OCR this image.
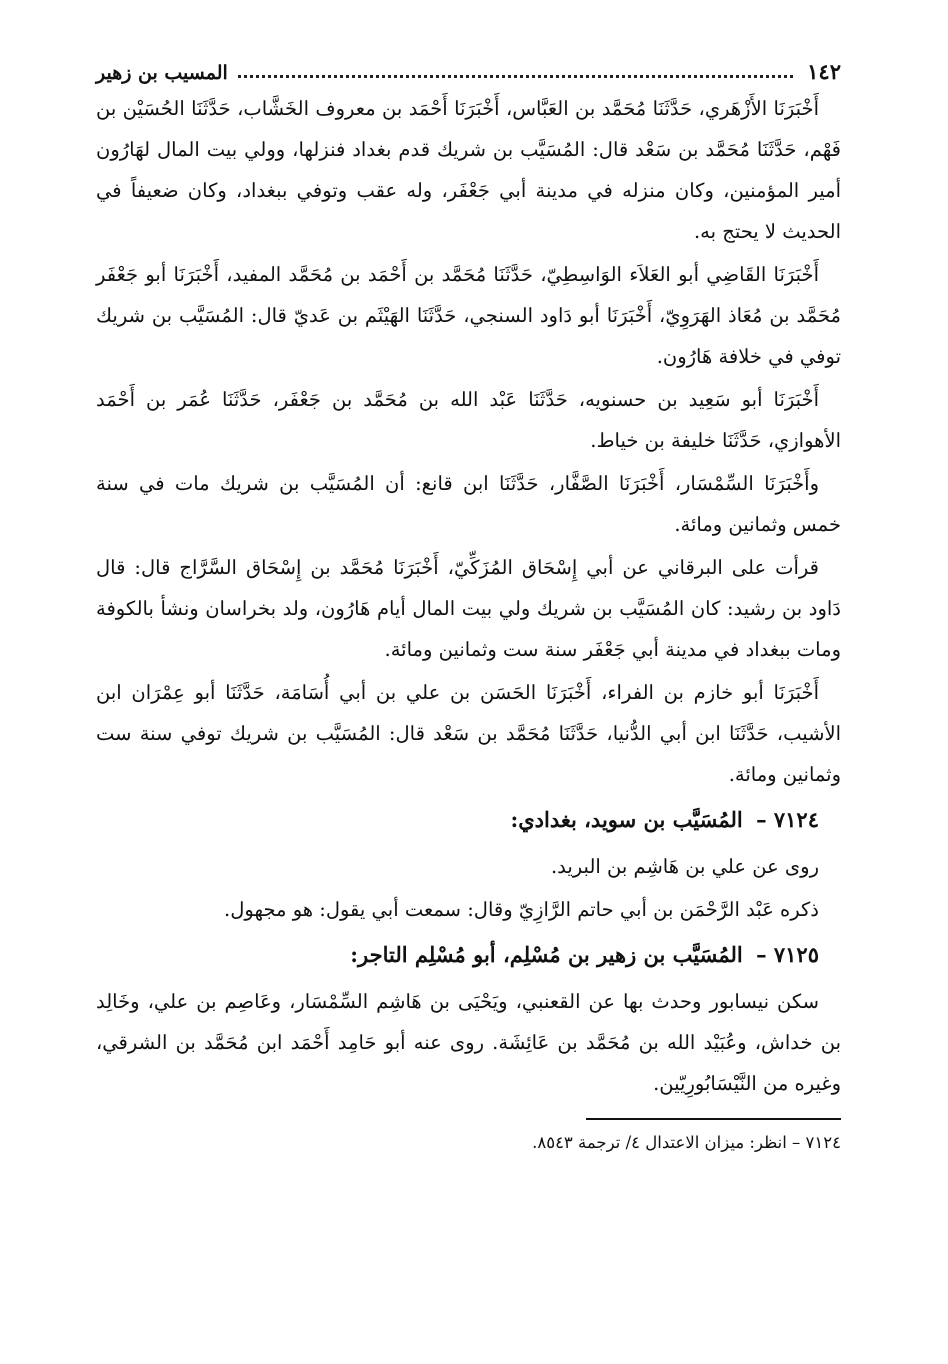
١٤٢
المسيب بن زهير

أَخْبَرَنَا الأَزْهَري، حَدَّثَنَا مُحَمَّد بن العَبَّاس، أَخْبَرَنَا أَحْمَد بن معروف الخَشَّاب، حَدَّثَنَا الحُسَيْن بن فَهْم، حَدَّثَنَا مُحَمَّد بن سَعْد قال: المُسَيَّب بن شريك قدم بغداد فنزلها، وولي بيت المال لهَارُون أمير المؤمنين، وكان منزله في مدينة أبي جَعْفَر، وله عقب وتوفي ببغداد، وكان ضعيفاً في الحديث لا يحتج به.

أَخْبَرَنَا القَاضِي أبو العَلاَء الوَاسِطِيّ، حَدَّثَنَا مُحَمَّد بن أَحْمَد بن مُحَمَّد المفيد، أَخْبَرَنَا أبو جَعْفَر مُحَمَّد بن مُعَاذ الهَرَوِيّ، أَخْبَرَنَا أبو دَاود السنجي، حَدَّثَنَا الهَيْثَم بن عَديّ قال: المُسَيَّب بن شريك توفي في خلافة هَارُون.

أَخْبَرَنَا أبو سَعِيد بن حسنويه، حَدَّثَنَا عَبْد الله بن مُحَمَّد بن جَعْفَر، حَدَّثَنَا عُمَر بن أَحْمَد الأهوازي، حَدَّثَنَا خليفة بن خياط.

وأَخْبَرَنَا السِّمْسَار، أَخْبَرَنَا الصَّفَّار، حَدَّثَنَا ابن قانع: أن المُسَيَّب بن شريك مات في سنة خمس وثمانين ومائة.

قرأت على البرقاني عن أبي إِسْحَاق المُزَكِّيّ، أَخْبَرَنَا مُحَمَّد بن إِسْحَاق السَّرَّاج قال: قال دَاود بن رشيد: كان المُسَيَّب بن شريك ولي بيت المال أيام هَارُون، ولد بخراسان ونشأ بالكوفة ومات ببغداد في مدينة أبي جَعْفَر سنة ست وثمانين ومائة.

أَخْبَرَنَا أبو خازم بن الفراء، أَخْبَرَنَا الحَسَن بن علي بن أبي أُسَامَة، حَدَّثَنَا أبو عِمْرَان ابن الأشيب، حَدَّثَنَا ابن أبي الدُّنيا، حَدَّثَنَا مُحَمَّد بن سَعْد قال: المُسَيَّب بن شريك توفي سنة ست وثمانين ومائة.

٧١٢٤ – المُسَيَّب بن سويد، بغدادي:

روى عن علي بن هَاشِم بن البريد.

ذكره عَبْد الرَّحْمَن بن أبي حاتم الرَّازِيّ وقال: سمعت أبي يقول: هو مجهول.

٧١٢٥ – المُسَيَّب بن زهير بن مُسْلِم، أبو مُسْلِم التاجر:

سكن نيسابور وحدث بها عن القعنبي، ويَحْيَى بن هَاشِم السِّمْسَار، وعَاصِم بن علي، وخَالِد بن خداش، وعُبَيْد الله بن مُحَمَّد بن عَائِشَة. روى عنه أبو حَامِد أَحْمَد ابن مُحَمَّد بن الشرقي، وغيره من النَّيْسَابُورِيّين.

٧١٢٤ – انظر: ميزان الاعتدال ٤/ ترجمة ٨٥٤٣.
